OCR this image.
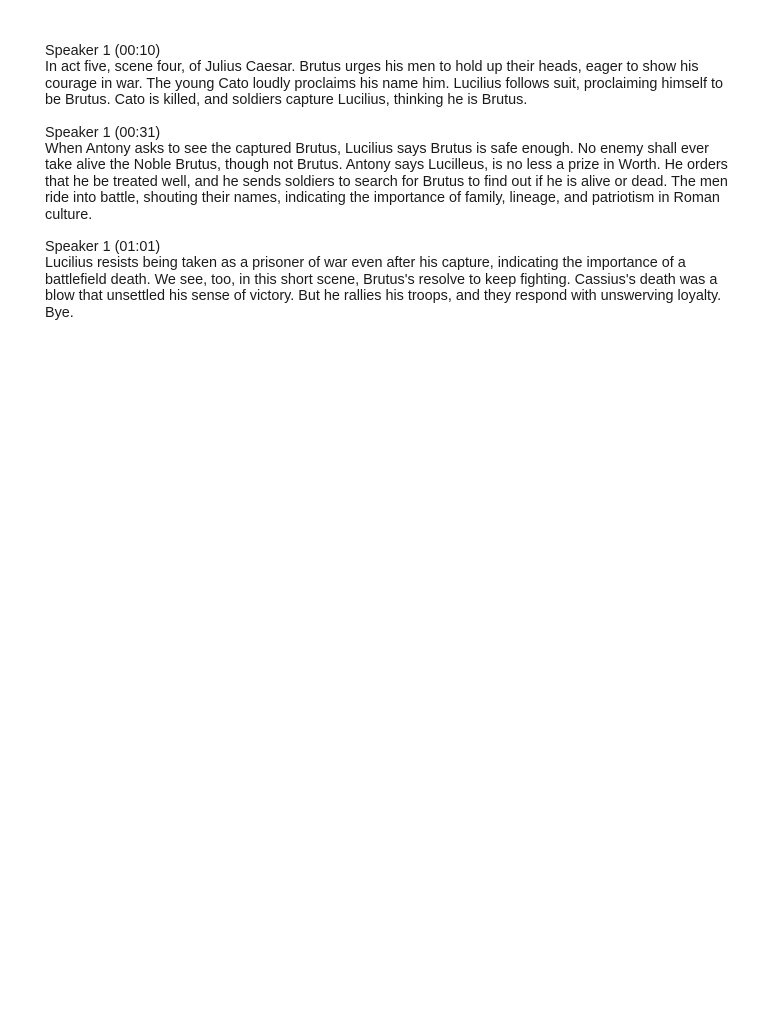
Speaker 1 (00:10)

In act five, scene four, of Julius Caesar. Brutus urges his men to hold up their heads, eager to show his courage in war. The young Cato loudly proclaims his name him. Lucilius follows suit, proclaiming himself to be Brutus. Cato is killed, and soldiers capture Lucilius, thinking he is Brutus.

Speaker 1 (00:31)

When Antony asks to see the captured Brutus, Lucilius says Brutus is safe enough. No enemy shall ever take alive the Noble Brutus, though not Brutus. Antony says Lucilleus, is no less a prize in Worth. He orders that he be treated well, and he sends soldiers to search for Brutus to find out if he is alive or dead. The men ride into battle, shouting their names, indicating the importance of family, lineage, and patriotism in Roman culture.

Speaker 1 (01:01)

Lucilius resists being taken as a prisoner of war even after his capture, indicating the importance of a battlefield death. We see, too, in this short scene, Brutus's resolve to keep fighting. Cassius's death was a blow that unsettled his sense of victory. But he rallies his troops, and they respond with unswerving loyalty. Bye.
